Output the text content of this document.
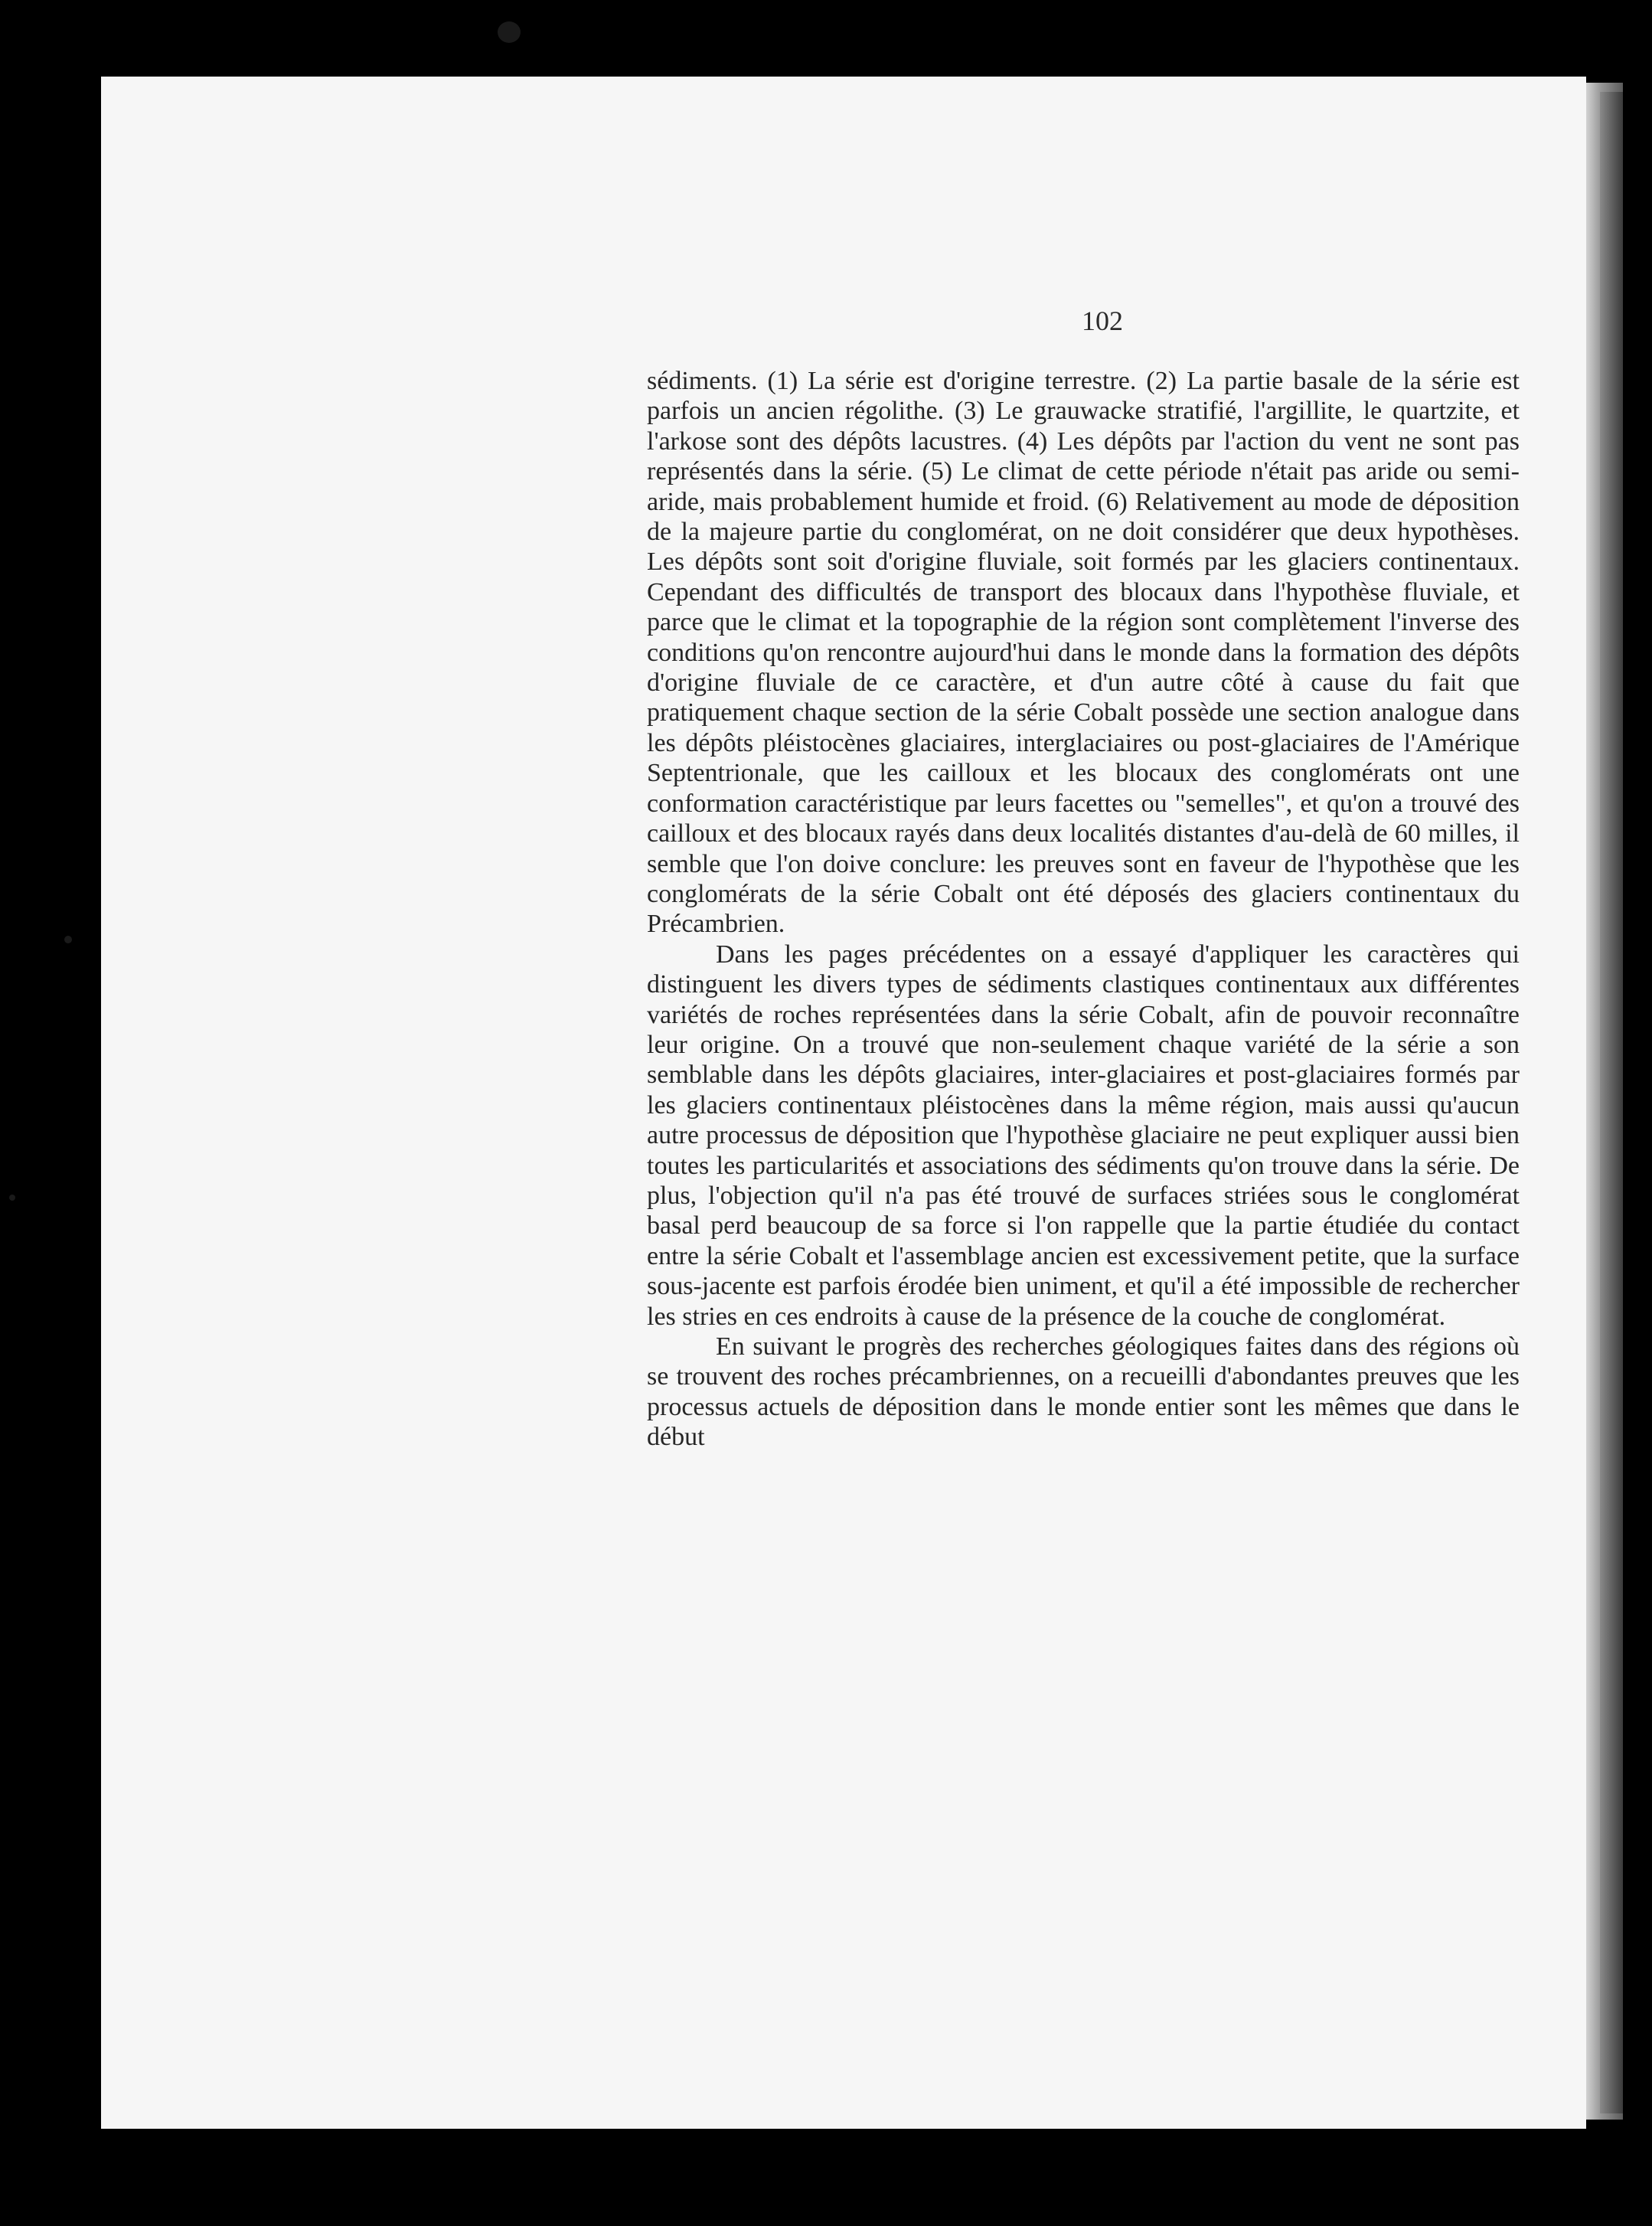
102

sédiments. (1) La série est d'origine terrestre. (2) La partie basale de la série est parfois un ancien régolithe. (3) Le grauwacke stratifié, l'argillite, le quartzite, et l'arkose sont des dépôts lacustres. (4) Les dépôts par l'action du vent ne sont pas représentés dans la série. (5) Le climat de cette période n'était pas aride ou semi-aride, mais probablement humide et froid. (6) Relativement au mode de déposition de la majeure partie du conglomérat, on ne doit considérer que deux hypothèses. Les dépôts sont soit d'origine fluviale, soit formés par les glaciers continentaux. Cependant des difficultés de transport des blocaux dans l'hypothèse fluviale, et parce que le climat et la topographie de la région sont complètement l'inverse des conditions qu'on rencontre aujourd'hui dans le monde dans la formation des dépôts d'origine fluviale de ce caractère, et d'un autre côté à cause du fait que pratiquement chaque section de la série Cobalt possède une section analogue dans les dépôts pléistocènes glaciaires, interglaciaires ou post-glaciaires de l'Amérique Septentrionale, que les cailloux et les blocaux des conglomérats ont une conformation caractéristique par leurs facettes ou "semelles", et qu'on a trouvé des cailloux et des blocaux rayés dans deux localités distantes d'au-delà de 60 milles, il semble que l'on doive conclure: les preuves sont en faveur de l'hypothèse que les conglomérats de la série Cobalt ont été déposés des glaciers continentaux du Précambrien.

Dans les pages précédentes on a essayé d'appliquer les caractères qui distinguent les divers types de sédiments clastiques continentaux aux différentes variétés de roches représentées dans la série Cobalt, afin de pouvoir reconnaître leur origine. On a trouvé que non-seulement chaque variété de la série a son semblable dans les dépôts glaciaires, inter-glaciaires et post-glaciaires formés par les glaciers continentaux pléistocènes dans la même région, mais aussi qu'aucun autre processus de déposition que l'hypothèse glaciaire ne peut expliquer aussi bien toutes les particularités et associations des sédiments qu'on trouve dans la série. De plus, l'objection qu'il n'a pas été trouvé de surfaces striées sous le conglomérat basal perd beaucoup de sa force si l'on rappelle que la partie étudiée du contact entre la série Cobalt et l'assemblage ancien est excessivement petite, que la surface sous-jacente est parfois érodée bien uniment, et qu'il a été impossible de rechercher les stries en ces endroits à cause de la présence de la couche de conglomérat.

En suivant le progrès des recherches géologiques faites dans des régions où se trouvent des roches précambriennes, on a recueilli d'abondantes preuves que les processus actuels de déposition dans le monde entier sont les mêmes que dans le début
